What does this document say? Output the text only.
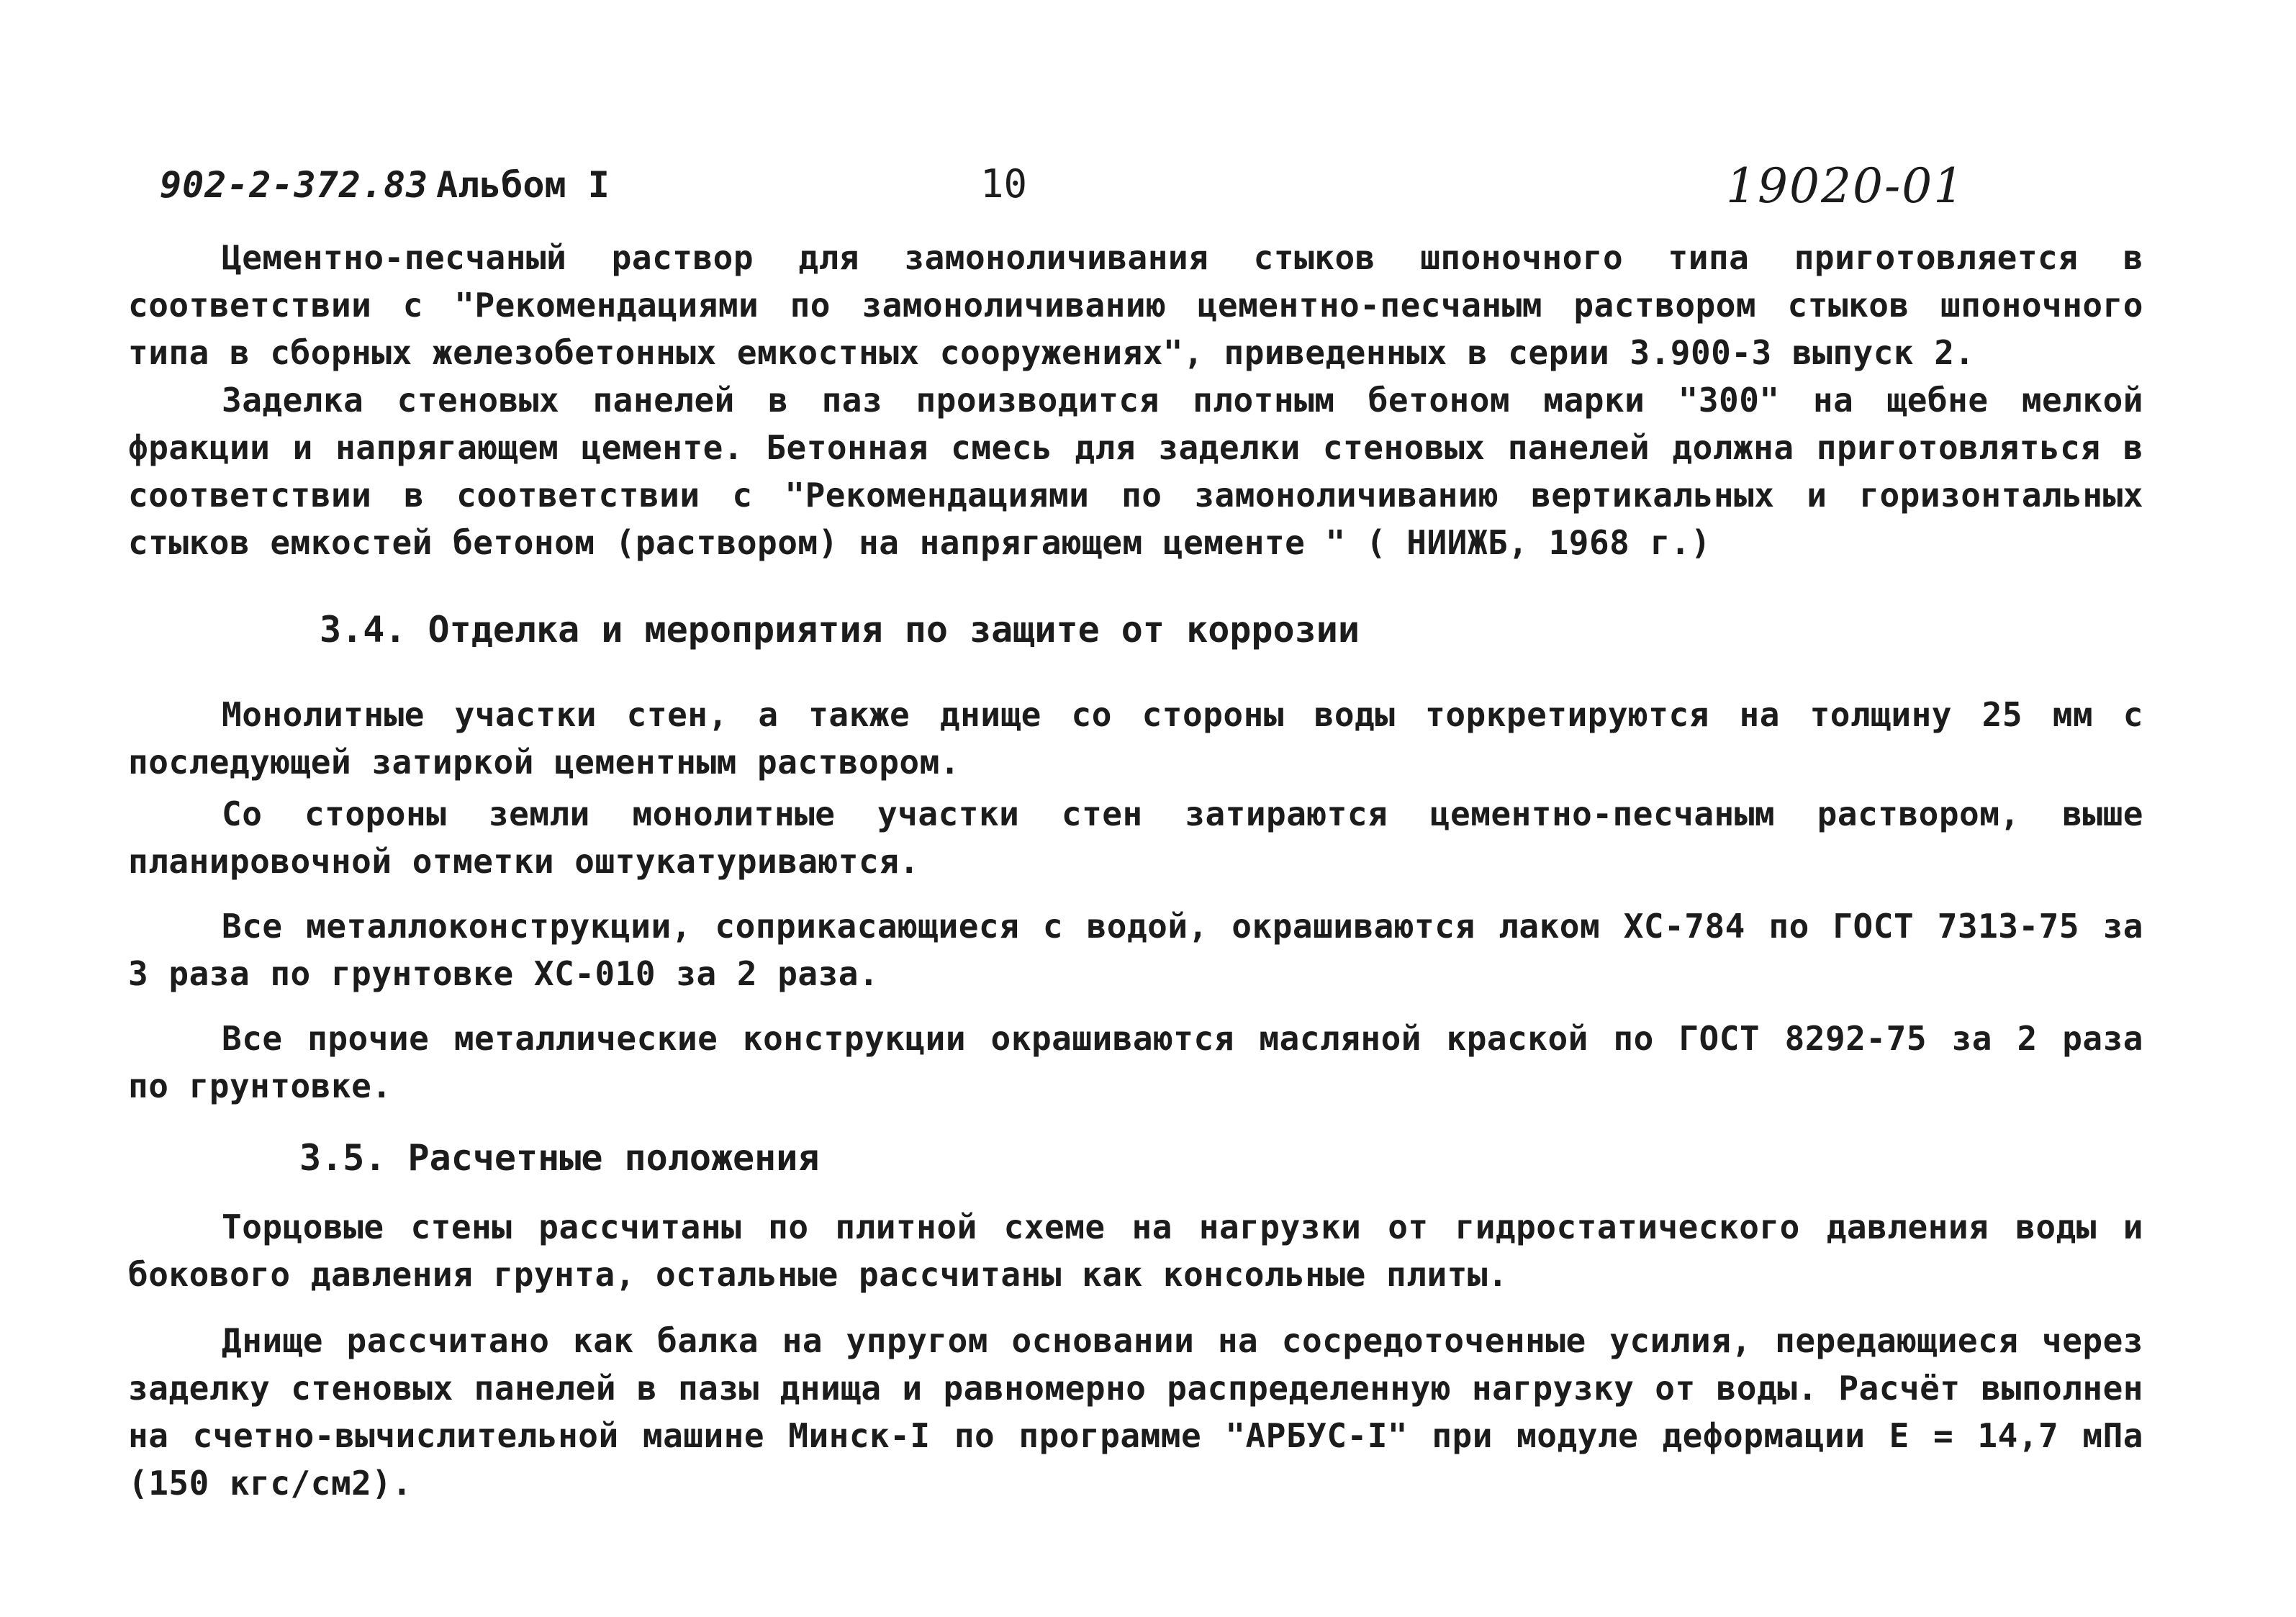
902-2-372.83 Альбом I	10	19020-01

Цементно-песчаный раствор для замоноличивания стыков шпоночного типа приготовляется в соответствии с "Рекомендациями по замоноличиванию цементно-песчаным раствором стыков шпоночного типа в сборных железобетонных емкостных сооружениях", приведенных в серии 3.900-3 выпуск 2.

Заделка стеновых панелей в паз производится плотным бетоном марки "300" на щебне мелкой фракции и напрягающем цементе. Бетонная смесь для заделки стеновых панелей должна приготовляться в соответствии в соответствии с "Рекомендациями по замоноличиванию вертикальных и горизонтальных стыков емкостей бетоном (раствором) на напрягающем цементе " ( НИИЖБ, 1968 г.)

3.4. Отделка и мероприятия по защите от коррозии

Монолитные участки стен, а также днище со стороны воды торкретируются на толщину 25 мм с последующей затиркой цементным раствором.

Со стороны земли монолитные участки стен затираются цементно-песчаным раствором, выше планировочной отметки оштукатуриваются.

Все металлоконструкции, соприкасающиеся с водой, окрашиваются лаком ХС-784 по ГОСТ 7313-75 за 3 раза по грунтовке ХС-010 за 2 раза.

Все прочие металлические конструкции окрашиваются масляной краской по ГОСТ 8292-75 за 2 раза по грунтовке.

3.5. Расчетные положения

Торцовые стены рассчитаны по плитной схеме на нагрузки от гидростатического давления воды и бокового давления грунта, остальные рассчитаны как консольные плиты.

Днище рассчитано как балка на упругом основании на сосредоточенные усилия, передающиеся через заделку стеновых панелей в пазы днища и равномерно распределенную нагрузку от воды. Расчёт выполнен на счетно-вычислительной машине Минск-I по программе "АРБУС-I" при модуле деформации E = 14,7 мПа (150 кгс/см2).
